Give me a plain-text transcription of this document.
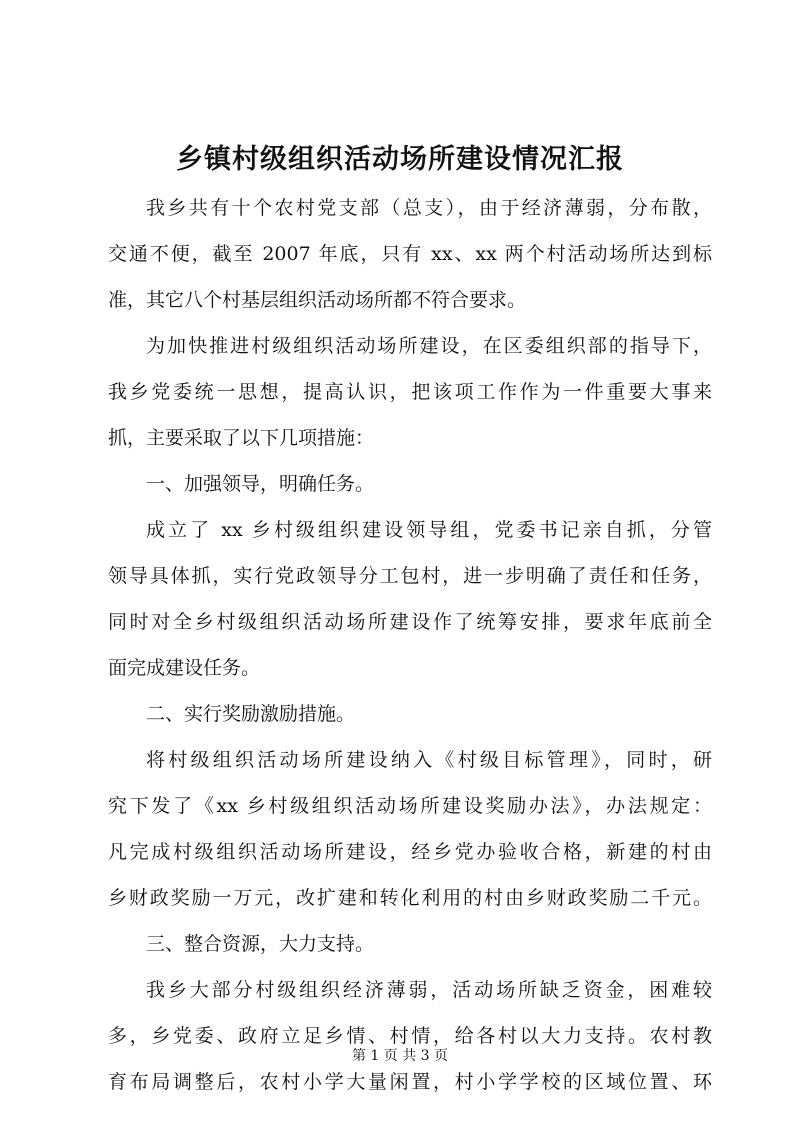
乡镇村级组织活动场所建设情况汇报

我乡共有十个农村党支部（总支），由于经济薄弱，分布散，
交通不便，截至 2007 年底，只有 xx、xx 两个村活动场所达到标
准，其它八个村基层组织活动场所都不符合要求。

为加快推进村级组织活动场所建设，在区委组织部的指导下，
我乡党委统一思想，提高认识，把该项工作作为一件重要大事来
抓，主要采取了以下几项措施：

一、加强领导，明确任务。

成立了 xx 乡村级组织建设领导组，党委书记亲自抓，分管
领导具体抓，实行党政领导分工包村，进一步明确了责任和任务，
同时对全乡村级组织活动场所建设作了统筹安排，要求年底前全
面完成建设任务。

二、实行奖励激励措施。

将村级组织活动场所建设纳入《村级目标管理》，同时，研
究下发了《xx 乡村级组织活动场所建设奖励办法》，办法规定：
凡完成村级组织活动场所建设，经乡党办验收合格，新建的村由
乡财政奖励一万元，改扩建和转化利用的村由乡财政奖励二千元。

三、整合资源，大力支持。

我乡大部分村级组织经济薄弱，活动场所缺乏资金，困难较
多，乡党委、政府立足乡情、村情，给各村以大力支持。农村教
育布局调整后，农村小学大量闲置，村小学学校的区域位置、环

第 1 页 共 3 页
